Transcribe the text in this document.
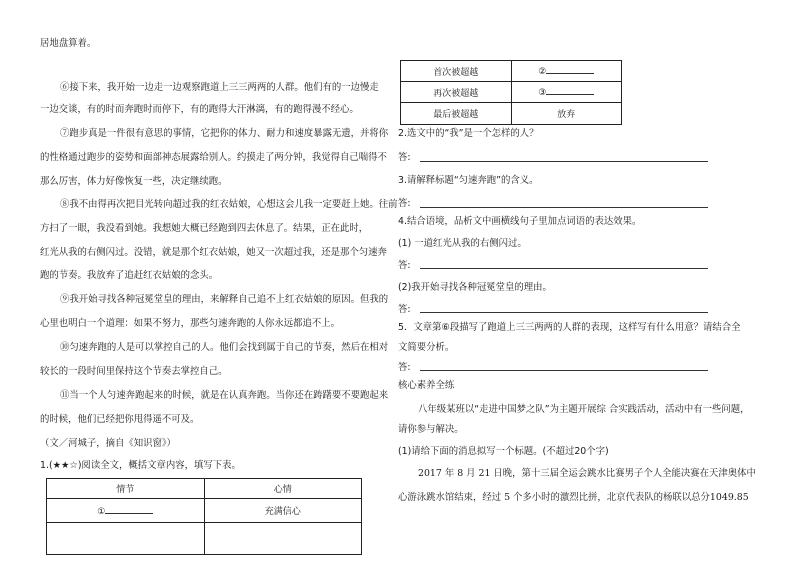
居地盘算着。
⑥接下来，我开始一边走一边观察跑道上三三两两的人群。他们有的一边慢走
一边交谈，有的时而奔跑时而停下，有的跑得大汗淋漓，有的跑得漫不经心。
⑦跑步真是一件很有意思的事情，它把你的体力、耐力和速度暴露无遗，并将你
的性格通过跑步的姿势和面部神态展露给别人。约摸走了两分钟，我觉得自己喘得不
那么厉害，体力好像恢复一些，决定继续跑。
⑧我不由得再次把目光转向超过我的红衣姑娘，心想这会儿我一定要赶上她。往前
方扫了一眼，我没看到她。我想她大概已经跑到四去休息了。结果，正在此时，
红光从我的右侧闪过。没错，就是那个红衣姑娘，她又一次超过我，还是那个匀速奔
跑的节奏。我放弃了追赶红衣姑娘的念头。
⑨我开始寻找各种冠冕堂皇的理由，来解释自己追不上红衣姑娘的原因。但我的
心里也明白一个道理：如果不努力，那些匀速奔跑的人你永远都追不上。
⑩匀速奔跑的人是可以掌控自己的人。他们会找到属于自己的节奏，然后在相对
较长的一段时间里保持这个节奏去掌控自己。
⑪当一个人匀速奔跑起来的时候，就是在认真奔跑。当你还在踌躇要不要跑起来
的时候，他们已经把你甩得遥不可及。
（文／河城子，摘自《知识窗》）
1.(★★☆)阅读全文，概括文章内容，填写下表。
情节	心情
①	充满信心

首次被超越	②
再次被超越	③
最后被超越	放弃
2.选文中的“我”是一个怎样的人？
答:
3.请解释标题“匀速奔跑”的含义。
答:
4.结合语境，品析文中画横线句子里加点词语的表达效果。
(1) 一道红光从我的右侧闪过。
答:
(2)我开始寻找各种冠冕堂皇的理由。
答:
5．文章第⑥段描写了跑道上三三两两的人群的表现，这样写有什么用意？请结合全
文简要分析。
答:
核心素养全练
八年级某班以“走进中国梦之队”为主题开展综 合实践活动，活动中有一些问题，
请你参与解决。
(1)请给下面的消息拟写一个标题。(不超过20个字)
2017 年 8 月 21 日晚，第十三届全运会跳水比赛男子个人全能决赛在天津奥体中
心游泳跳水馆结束，经过 5 个多小时的激烈比拼，北京代表队的杨联以总分1049.85
